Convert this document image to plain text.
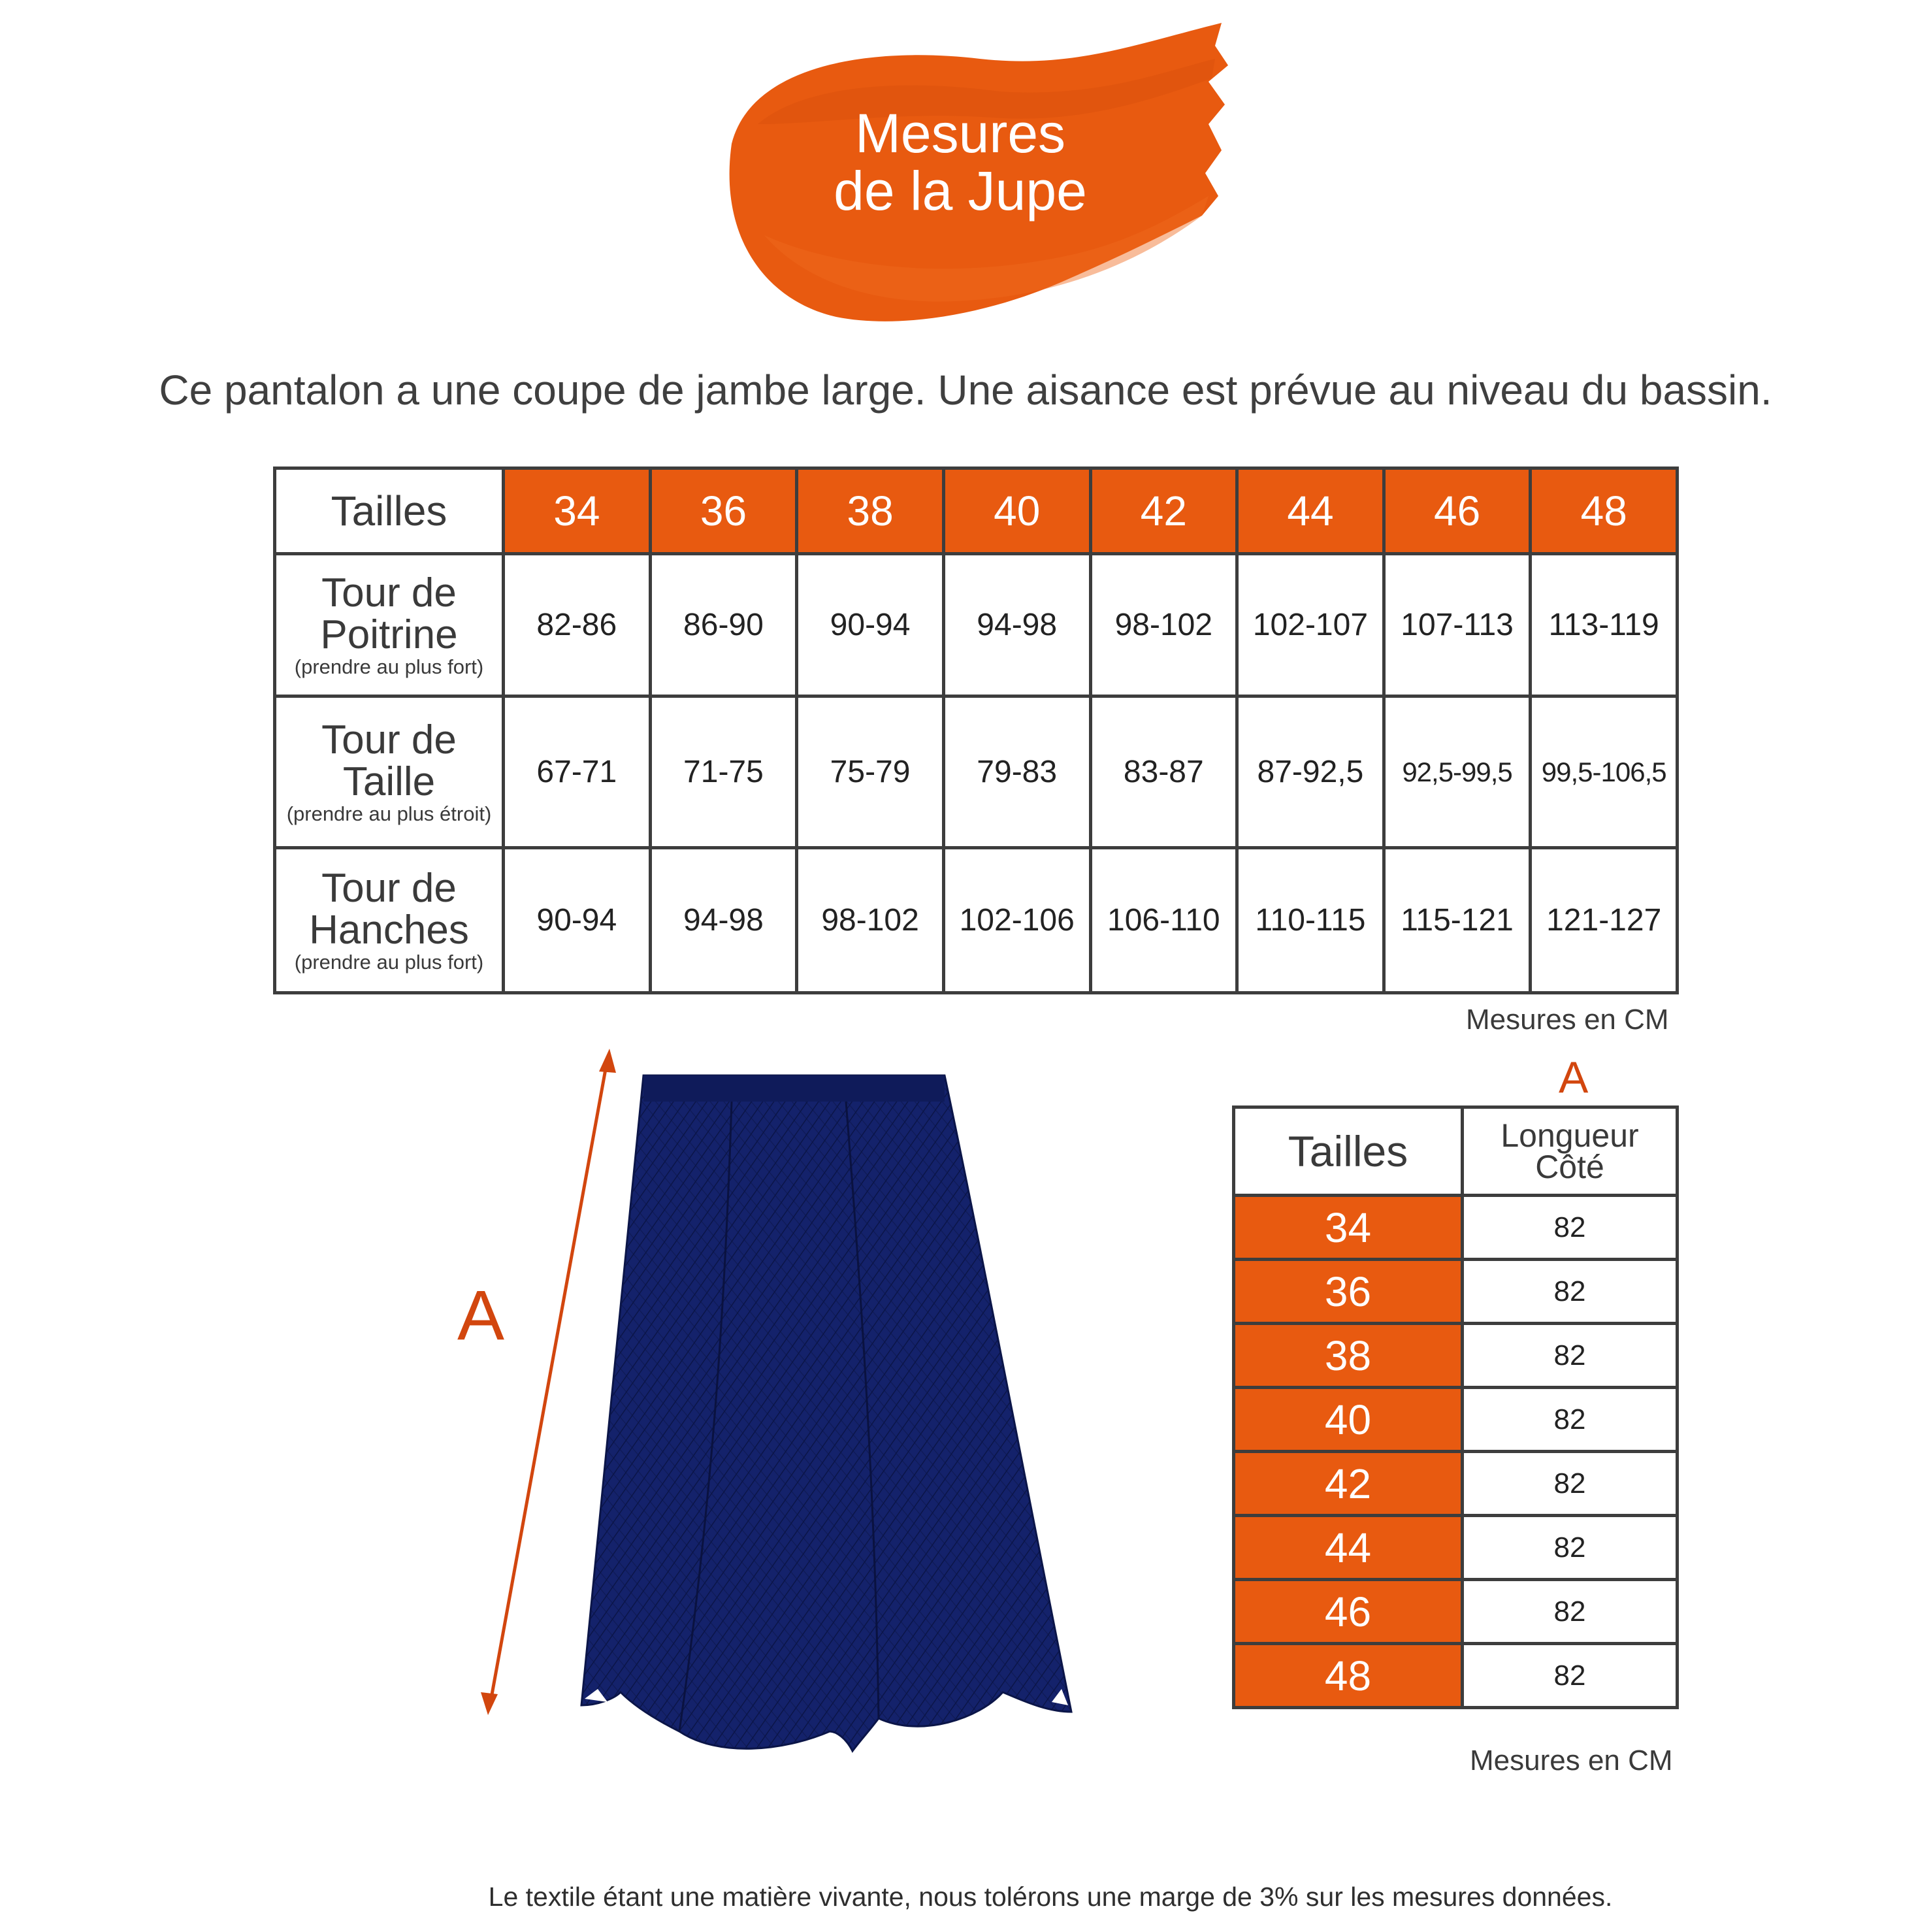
Mesures
de la Jupe
Ce pantalon a une coupe de jambe large. Une aisance est prévue au niveau du bassin.
Tailles	34	36	38	40	42	44	46	48

Tour de
Poitrine
(prendre au plus fort)	82-86	86-90	90-94	94-98	98-102	102-107	107-113	113-119

Tour de
Taille
(prendre au plus étroit)	67-71	71-75	75-79	79-83	83-87	87-92,5	92,5-99,5	99,5-106,5

Tour de
Hanches
(prendre au plus fort)	90-94	94-98	98-102	102-106	106-110	110-115	115-121	121-127
Mesures en CM
A
A
Tailles	Longueur
Côté

34	82
36	82
38	82
40	82
42	82
44	82
46	82
48	82
Mesures en CM
Le textile étant une matière vivante, nous tolérons une marge de 3% sur les mesures données.
